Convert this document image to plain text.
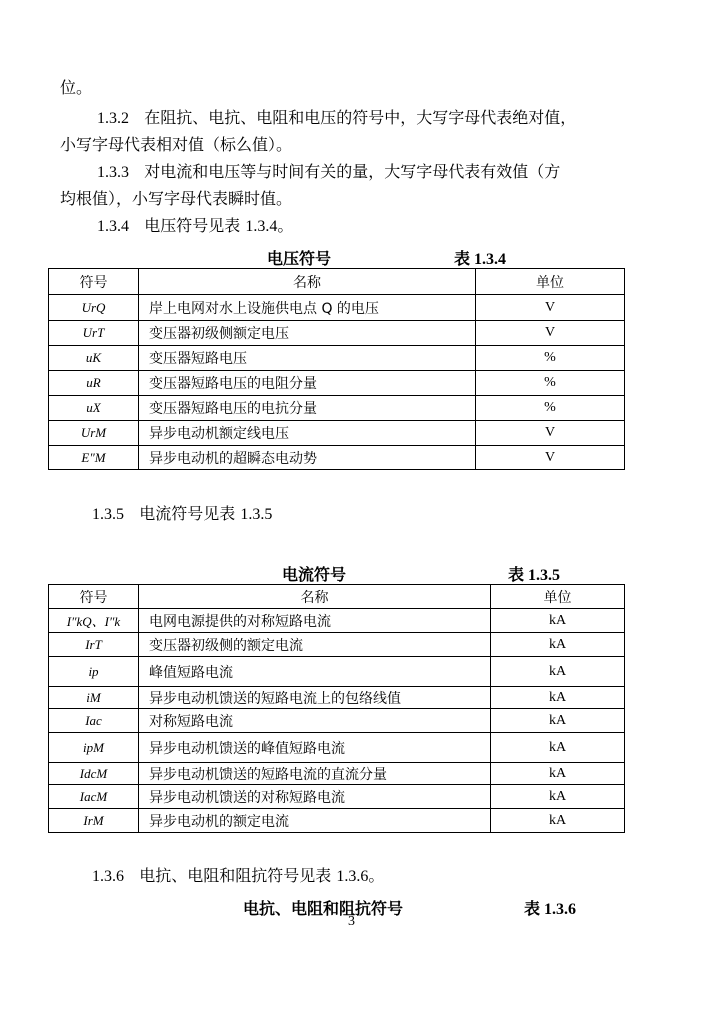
位。
1.3.2 在阻抗、电抗、电阻和电压的符号中，大写字母代表绝对值，
小写字母代表相对值（标么值）。
1.3.3 对电流和电压等与时间有关的量，大写字母代表有效值（方
均根值），小写字母代表瞬时值。
1.3.4 电压符号见表 1.3.4。
电压符号	表 1.3.4
符号	名称	单位
UrQ	岸上电网对水上设施供电点 Q 的电压	V
UrT	变压器初级侧额定电压	V
uK	变压器短路电压	%
uR	变压器短路电压的电阻分量	%
uX	变压器短路电压的电抗分量	%
UrM	异步电动机额定线电压	V
E″M	异步电动机的超瞬态电动势	V
1.3.5 电流符号见表 1.3.5
电流符号	表 1.3.5
符号	名称	单位
I″kQ、I″k	电网电源提供的对称短路电流	kA
IrT	变压器初级侧的额定电流	kA
ip	峰值短路电流	kA
iM	异步电动机馈送的短路电流上的包络线值	kA
Iac	对称短路电流	kA
ipM	异步电动机馈送的峰值短路电流	kA
IdcM	异步电动机馈送的短路电流的直流分量	kA
IacM	异步电动机馈送的对称短路电流	kA
IrM	异步电动机的额定电流	kA
1.3.6 电抗、电阻和阻抗符号见表 1.3.6。
电抗、电阻和阻抗符号	表 1.3.6
3
